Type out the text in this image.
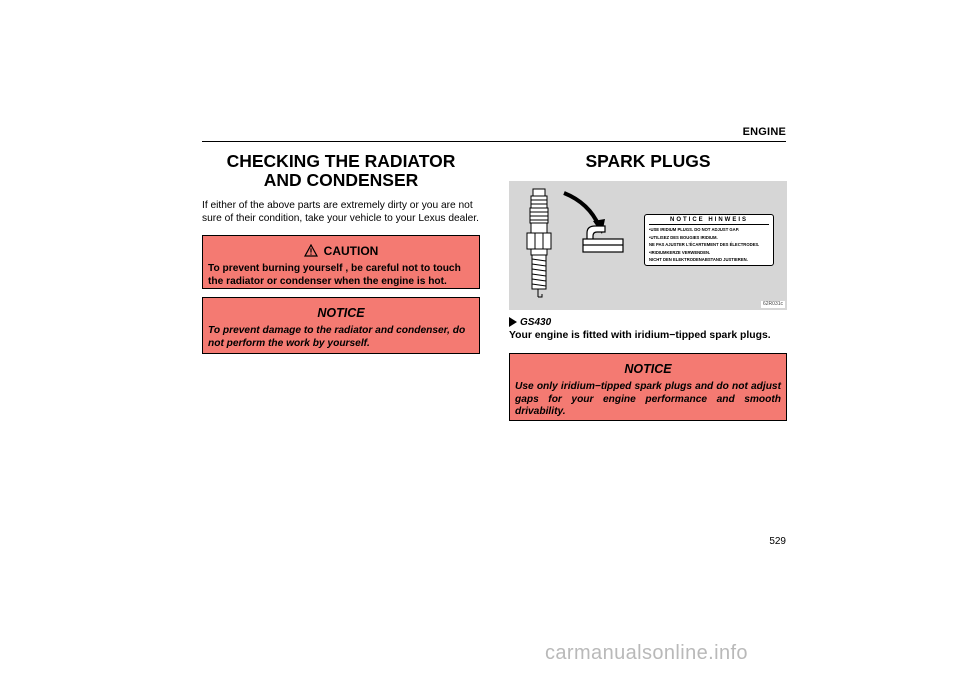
ENGINE
CHECKING THE RADIATOR AND CONDENSER
If either of the above parts are extremely dirty or you are not sure of their condition, take your vehicle to your Lexus dealer.
CAUTION
To prevent burning yourself , be careful not to touch the radiator or condenser when the engine is hot.
NOTICE
To prevent damage to the radiator and condenser, do not perform the work by yourself.
SPARK PLUGS
NOTICE HINWEIS
•USE IRIDIUM PLUGS. DO NOT ADJUST GAP.
•UTILISEZ DES BOUGIES IRIDIUM.
NE PAS AJUSTER L'ÉCARTEMENT DES ÉLECTRODES.
•IRIDIUMKERZE VERWENDEN.
NICHT DEN ELEKTRODENABSTAND JUSTIEREN.
62R031c
GS430
Your engine is fitted with iridium−tipped spark plugs.
NOTICE
Use only iridium−tipped spark plugs and do not adjust gaps for your engine performance and smooth drivability.
529
carmanualsonline.info
